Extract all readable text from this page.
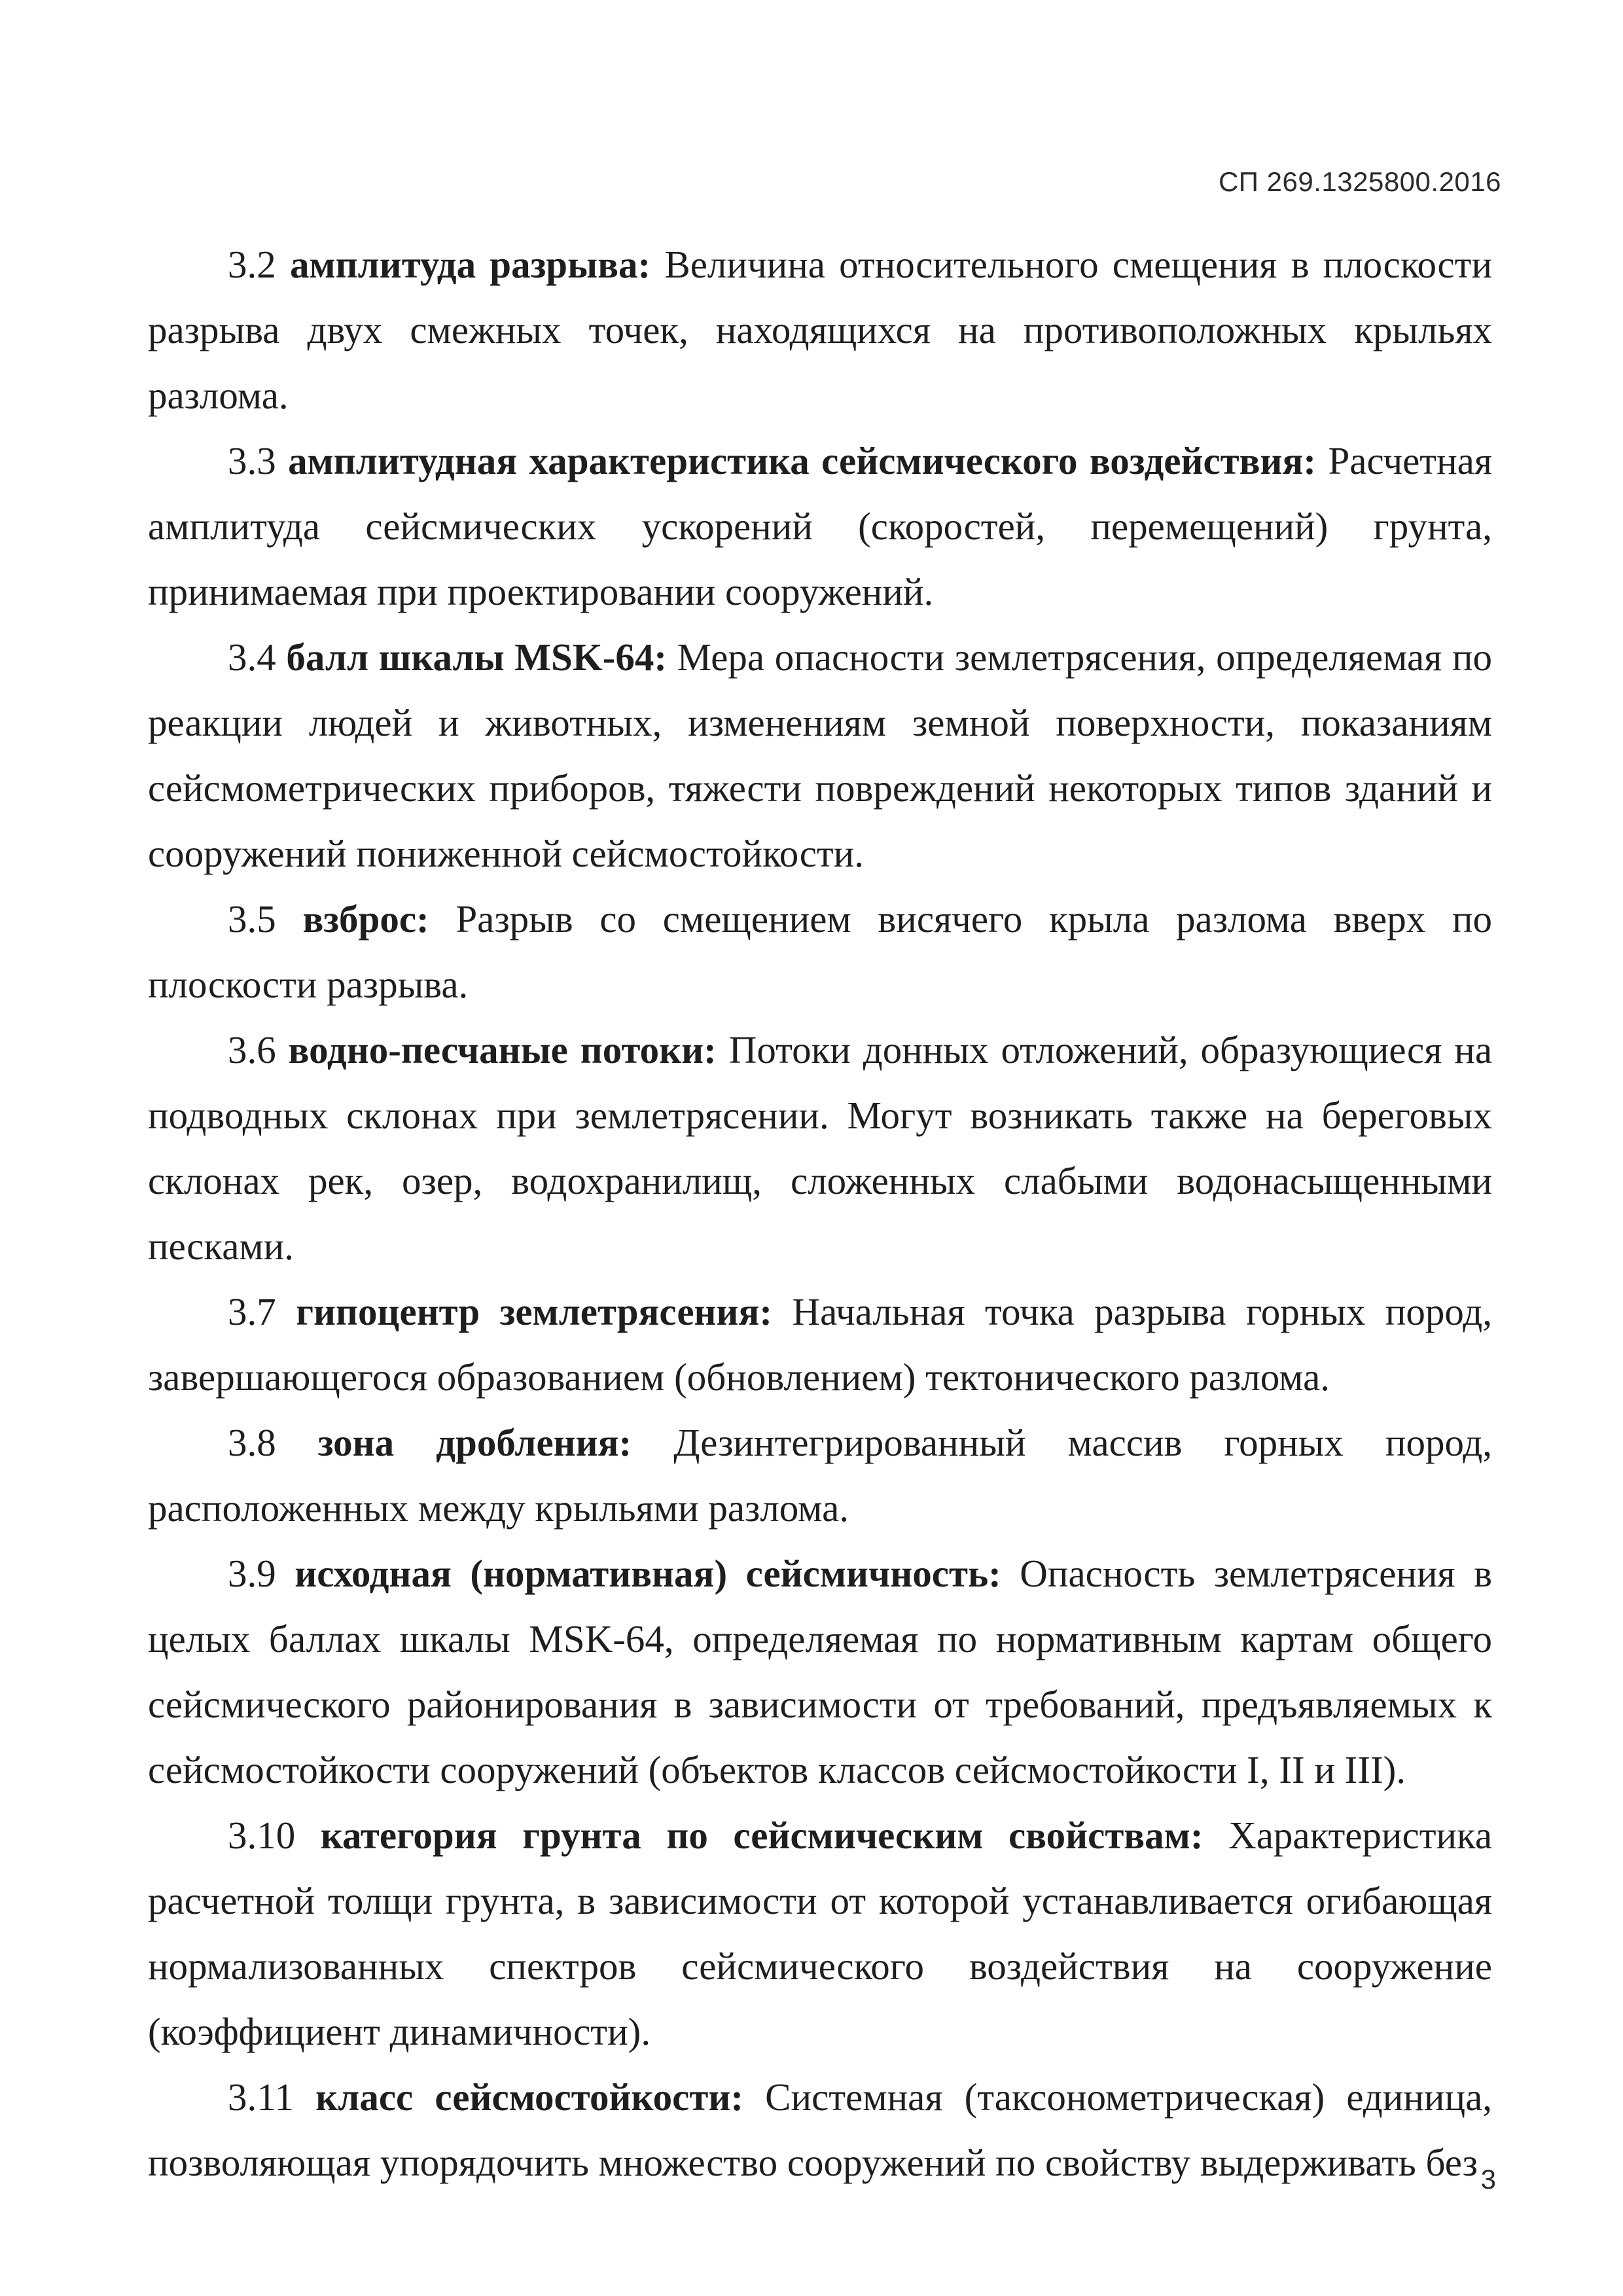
СП 269.1325800.2016

3.2 амплитуда разрыва: Величина относительного смещения в плоскости разрыва двух смежных точек, находящихся на противоположных крыльях разлома.

3.3 амплитудная характеристика сейсмического воздействия: Расчетная амплитуда сейсмических ускорений (скоростей, перемещений) грунта, принимаемая при проектировании сооружений.

3.4 балл шкалы MSK-64: Мера опасности землетрясения, определяемая по реакции людей и животных, изменениям земной поверхности, показаниям сейсмометрических приборов, тяжести повреждений некоторых типов зданий и сооружений пониженной сейсмостойкости.

3.5 взброс: Разрыв со смещением висячего крыла разлома вверх по плоскости разрыва.

3.6 водно-песчаные потоки: Потоки донных отложений, образующиеся на подводных склонах при землетрясении. Могут возникать также на береговых склонах рек, озер, водохранилищ, сложенных слабыми водонасыщенными песками.

3.7 гипоцентр землетрясения: Начальная точка разрыва горных пород, завершающегося образованием (обновлением) тектонического разлома.

3.8 зона дробления: Дезинтегрированный массив горных пород, расположенных между крыльями разлома.

3.9 исходная (нормативная) сейсмичность: Опасность землетрясения в целых баллах шкалы MSK-64, определяемая по нормативным картам общего сейсмического районирования в зависимости от требований, предъявляемых к сейсмостойкости сооружений (объектов классов сейсмостойкости I, II и III).

3.10 категория грунта по сейсмическим свойствам: Характеристика расчетной толщи грунта, в зависимости от которой устанавливается огибающая нормализованных спектров сейсмического воздействия на сооружение (коэффициент динамичности).

3.11 класс сейсмостойкости: Системная (таксонометрическая) единица, позволяющая упорядочить множество сооружений по свойству выдерживать без 3
